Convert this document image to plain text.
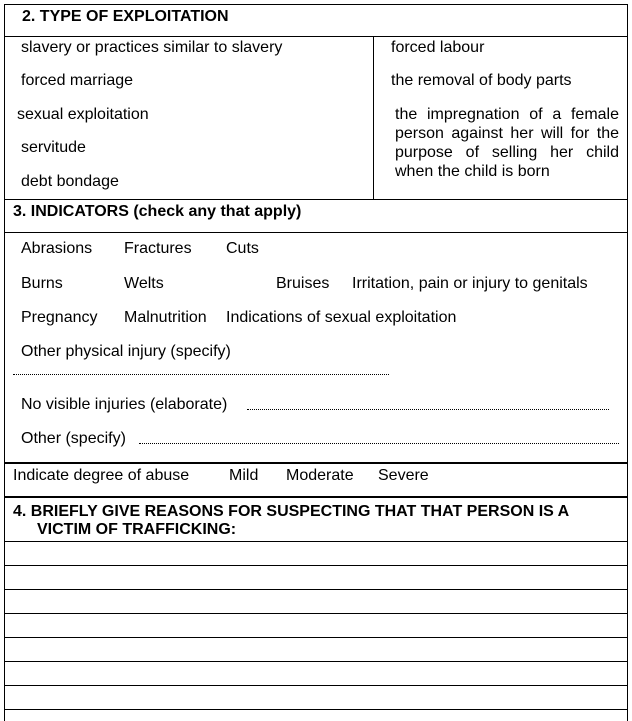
2. TYPE OF EXPLOITATION
slavery or practices similar to slavery
forced marriage
sexual exploitation
servitude
debt bondage
forced labour
the removal of body parts
the impregnation of a female person against her will for the purpose of selling her child when the child is born
3. INDICATORS (check any that apply)
Abrasions Fractures Cuts
Burns	Welts	Bruises Irritation, pain or injury to genitals
Pregnancy Malnutrition Indications of sexual exploitation
Other physical injury (specify)
No visible injuries (elaborate)
Other (specify)
Indicate degree of abuse Mild Moderate Severe
4. BRIEFLY GIVE REASONS FOR SUSPECTING THAT THAT PERSON IS A
VICTIM OF TRAFFICKING:
